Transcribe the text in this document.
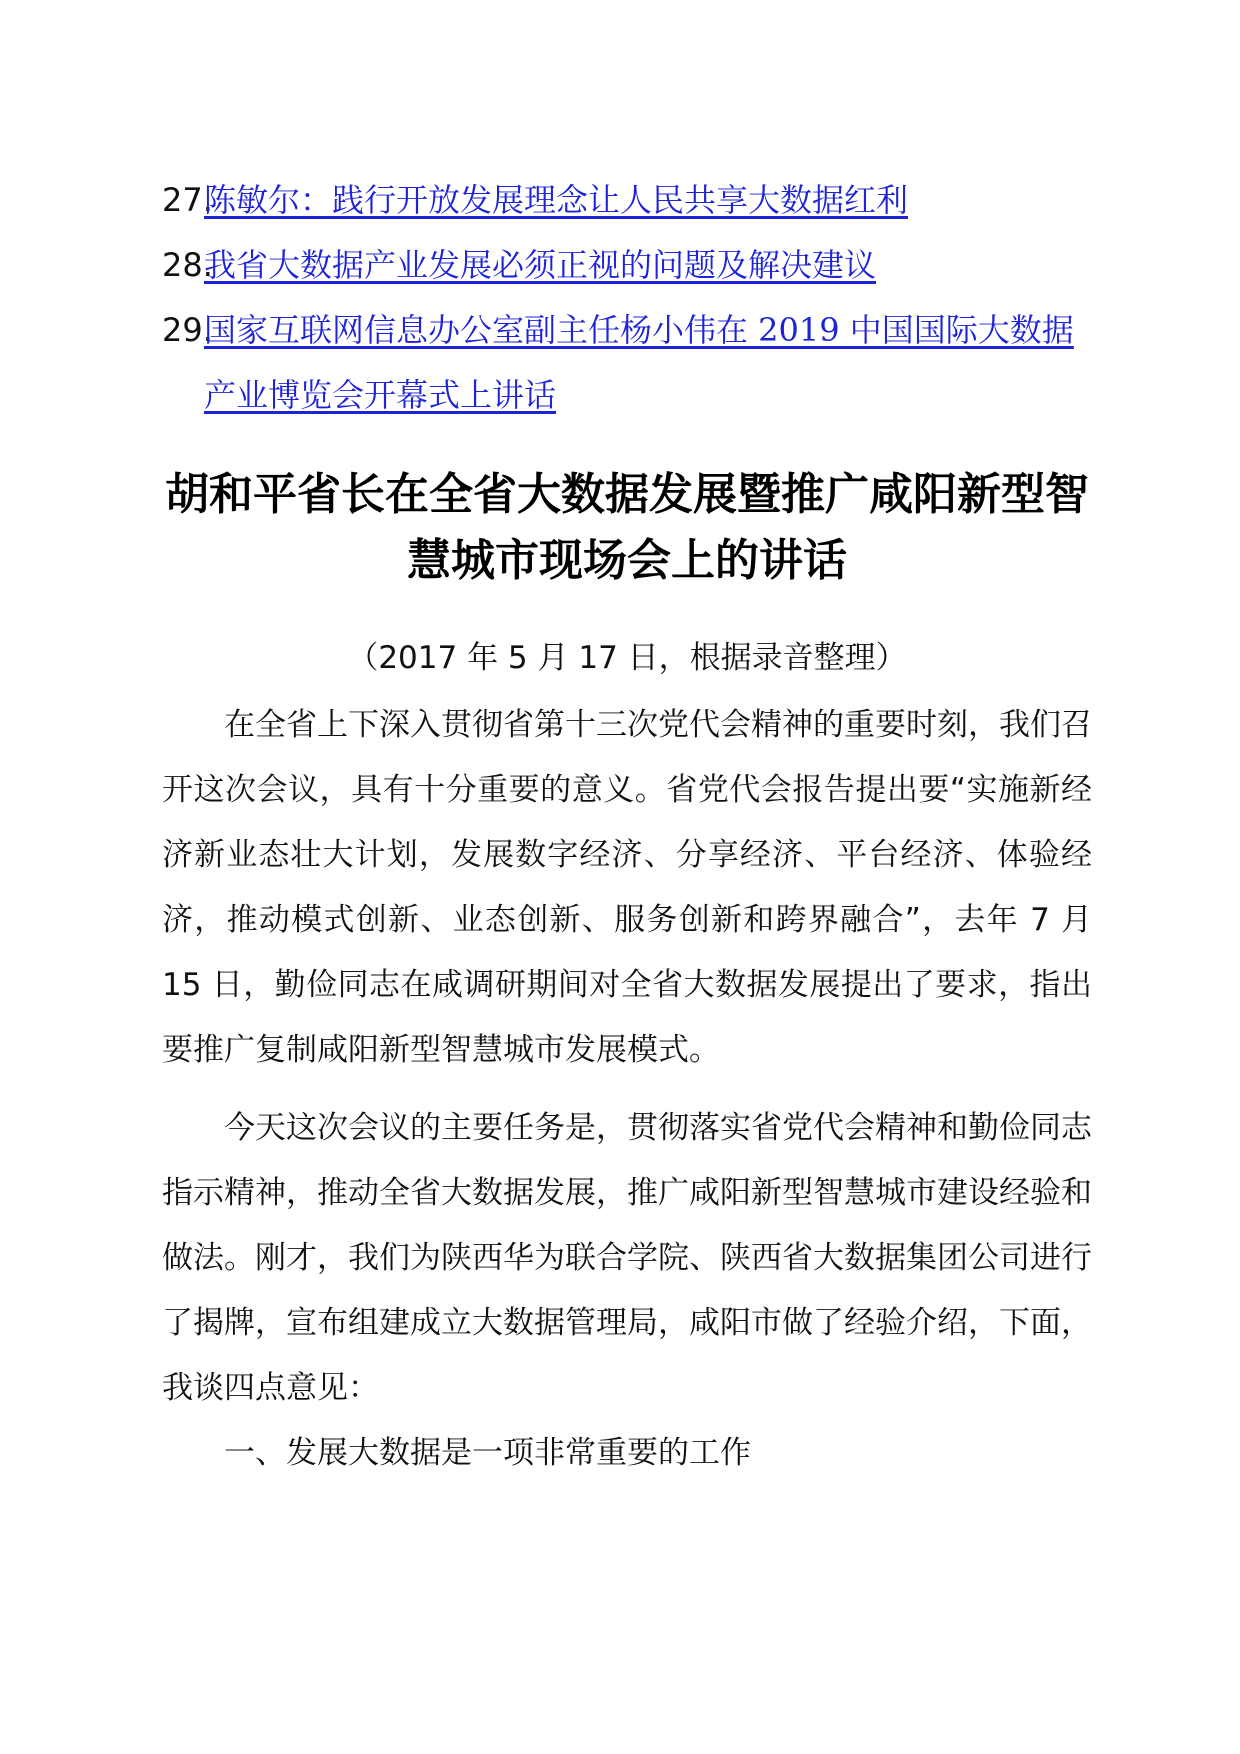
27.
陈敏尔：践行开放发展理念让人民共享大数据红利
28.
我省大数据产业发展必须正视的问题及解决建议
29.
国家互联网信息办公室副主任杨小伟在 2019 中国国际大数据产业博览会开幕式上讲话
胡和平省长在全省大数据发展暨推广咸阳新型智慧城市现场会上的讲话

（2017 年 5 月 17 日，根据录音整理）

在全省上下深入贯彻省第十三次党代会精神的重要时刻，我们召开这次会议，具有十分重要的意义。省党代会报告提出要“实施新经济新业态壮大计划，发展数字经济、分享经济、平台经济、体验经济，推动模式创新、业态创新、服务创新和跨界融合”，去年 7 月 15 日，勤俭同志在咸调研期间对全省大数据发展提出了要求，指出要推广复制咸阳新型智慧城市发展模式。

今天这次会议的主要任务是，贯彻落实省党代会精神和勤俭同志指示精神，推动全省大数据发展，推广咸阳新型智慧城市建设经验和做法。刚才，我们为陕西华为联合学院、陕西省大数据集团公司进行了揭牌，宣布组建成立大数据管理局，咸阳市做了经验介绍，下面，我谈四点意见：

一、发展大数据是一项非常重要的工作
